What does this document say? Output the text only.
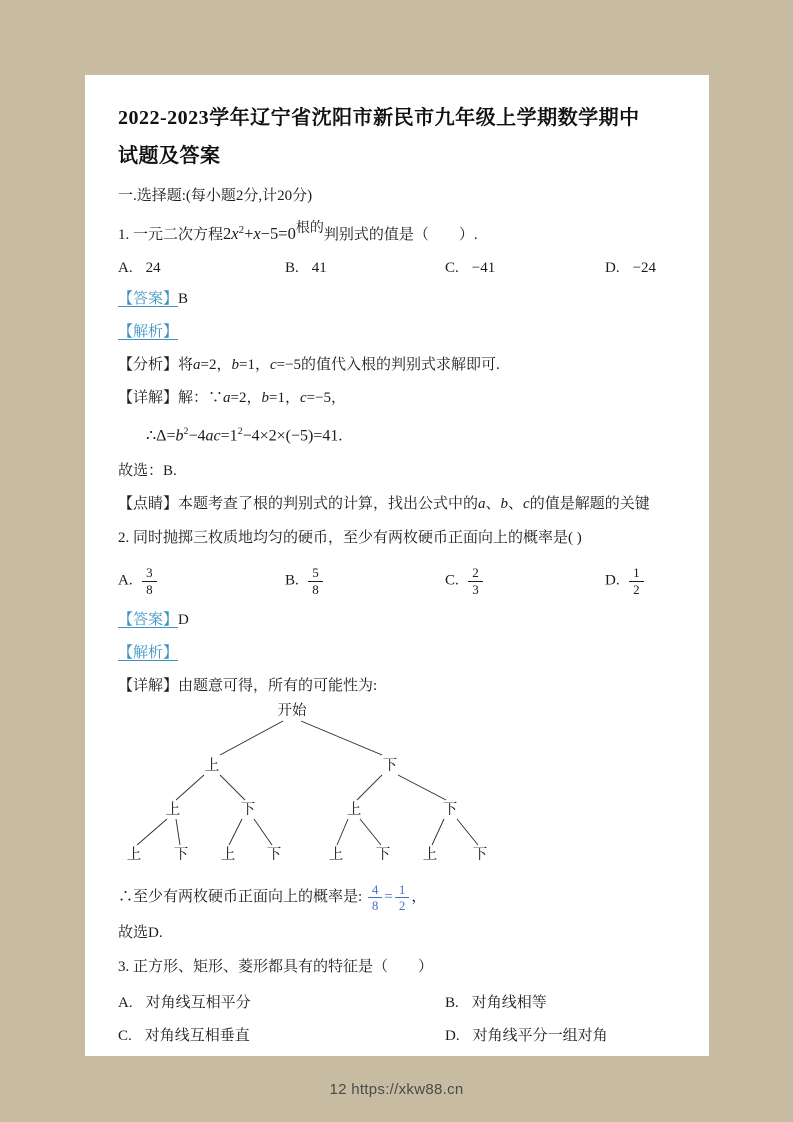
2022-2023学年辽宁省沈阳市新民市九年级上学期数学期中
试题及答案

一.选择题:(每小题2分,计20分)

1. 一元二次方程$2x^2+x-5=0$根的判别式的值是（　　）.

A. 24	B. 41	C. −41	D. −24

【答案】B

【解析】

【分析】将a=2，b=1，c=−5的值代入根的判别式求解即可.

【详解】解：∵a=2，b=1，c=−5，

$\therefore\Delta=b^2-4ac=1^2-4\times 2\times(-5)=41$.

故选：B.

【点睛】本题考查了根的判别式的计算，找出公式中的a、b、c的值是解题的关键

2. 同时抛掷三枚质地均匀的硬币，至少有两枚硬币正面向上的概率是( )

A.  $\frac{3}{8}$	B.  $\frac{5}{8}$	C.  $\frac{2}{3}$	D.  $\frac{1}{2}$

【答案】D

【解析】

【详解】由题意可得，所有的可能性为:

开始
上	下
上	下	上	下
上 下 上 下	上 下 上 下

∴至少有两枚硬币正面向上的概率是: $\frac{4}{8} = \frac{1}{2}$ ，

故选D.

3. 正方形、矩形、菱形都具有的特征是（　　）

A. 对角线互相平分	B. 对角线相等
C. 对角线互相垂直	D. 对角线平分一组对角
12 https://xkw88.cn
